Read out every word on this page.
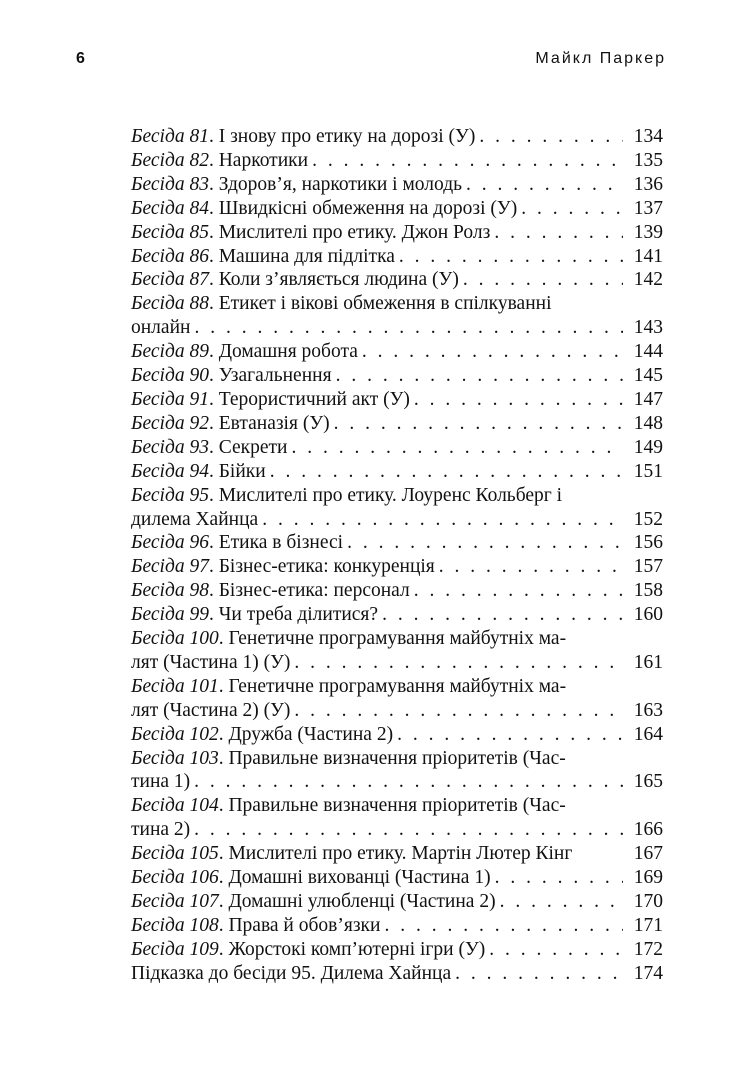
6	Майкл Паркер
Бесіда 81 . І знову про етику на дорозі (У) . . .	134
Бесіда 82 . Наркотики . . .	135
Бесіда 83 . Здоров’я, наркотики і молодь . . .	136
Бесіда 84 . Швидкісні обмеження на дорозі (У) . . .	137
Бесіда 85 . Мислителі про етику. Джон Ролз . . .	139
Бесіда 86 . Машина для підлітка . . .	141
Бесіда 87 . Коли з’являється людина (У) . . .	142
Бесіда 88 . Етикет і вікові обмеження в спілкуванні
онлайн . . .	143
Бесіда 89 . Домашня робота . . .	144
Бесіда 90 . Узагальнення . . .	145
Бесіда 91 . Терористичний акт (У) . . .	147
Бесіда 92 . Евтаназія (У) . . .	148
Бесіда 93 . Секрети . . .	149
Бесіда 94 . Бійки . . .	151
Бесіда 95 . Мислителі про етику. Лоуренс Кольберг і
дилема Хайнца . . .	152
Бесіда 96 . Етика в бізнесі . . .	156
Бесіда 97 . Бізнес-етика: конкуренція . . .	157
Бесіда 98 . Бізнес-етика: персонал . . .	158
Бесіда 99 . Чи треба ділитися? . . .	160
Бесіда 100 . Генетичне програмування майбутніх ма-
лят (Частина 1) (У) . . .	161
Бесіда 101 . Генетичне програмування майбутніх ма-
лят (Частина 2) (У) . . .	163
Бесіда 102 . Дружба (Частина 2) . . .	164
Бесіда 103 . Правильне визначення пріоритетів (Час-
тина 1) . . .	165
Бесіда 104 . Правильне визначення пріоритетів (Час-
тина 2) . . .	166
Бесіда 105 . Мислителі про етику. Мартін Лютер Кінг	167
Бесіда 106 . Домашні вихованці (Частина 1) . . .	169
Бесіда 107 . Домашні улюбленці (Частина 2) . . .	170
Бесіда 108 . Права й обов’язки . . .	171
Бесіда 109 . Жорстокі комп’ютерні ігри (У) . . .	172
Підказка до бесіди 95. Дилема Хайнца . . .	174
